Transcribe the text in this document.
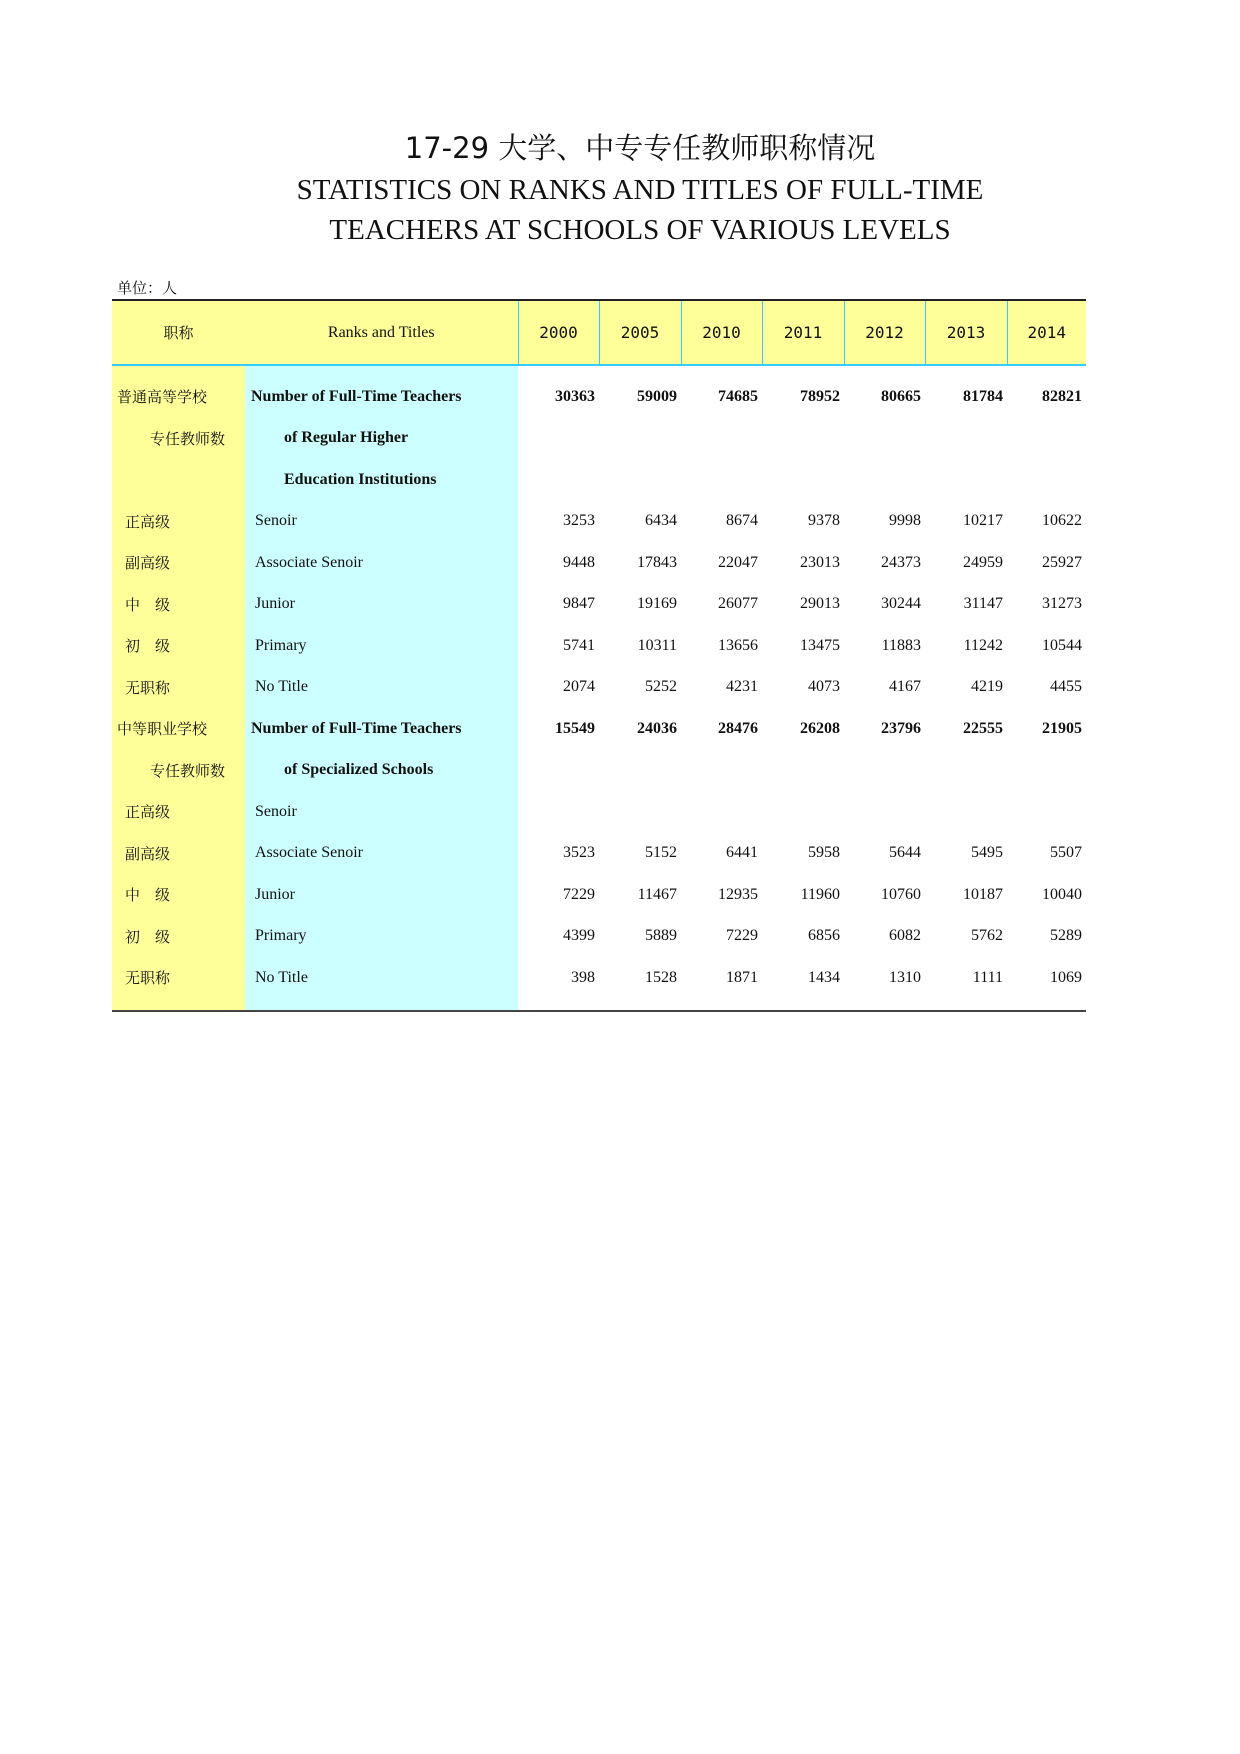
17-29 大学、中专专任教师职称情况
STATISTICS ON RANKS AND TITLES OF FULL-TIME
TEACHERS AT SCHOOLS OF VARIOUS LEVELS
单位：人
职称	Ranks and Titles	2000	2005	2010	2011	2012	2013	2014

普通高等学校	Number of Full-Time Teachers	30363	59009	74685	78952	80665	81784	82821
专任教师数	of Regular Higher							
	Education Institutions							
正高级	Senoir	3253	6434	8674	9378	9998	10217	10622
副高级	Associate Senoir	9448	17843	22047	23013	24373	24959	25927
中　级	Junior	9847	19169	26077	29013	30244	31147	31273
初　级	Primary	5741	10311	13656	13475	11883	11242	10544
无职称	No Title	2074	5252	4231	4073	4167	4219	4455
中等职业学校	Number of Full-Time Teachers	15549	24036	28476	26208	23796	22555	21905
专任教师数	of Specialized Schools							
正高级	Senoir							
副高级	Associate Senoir	3523	5152	6441	5958	5644	5495	5507
中　级	Junior	7229	11467	12935	11960	10760	10187	10040
初　级	Primary	4399	5889	7229	6856	6082	5762	5289
无职称	No Title	398	1528	1871	1434	1310	1111	1069
